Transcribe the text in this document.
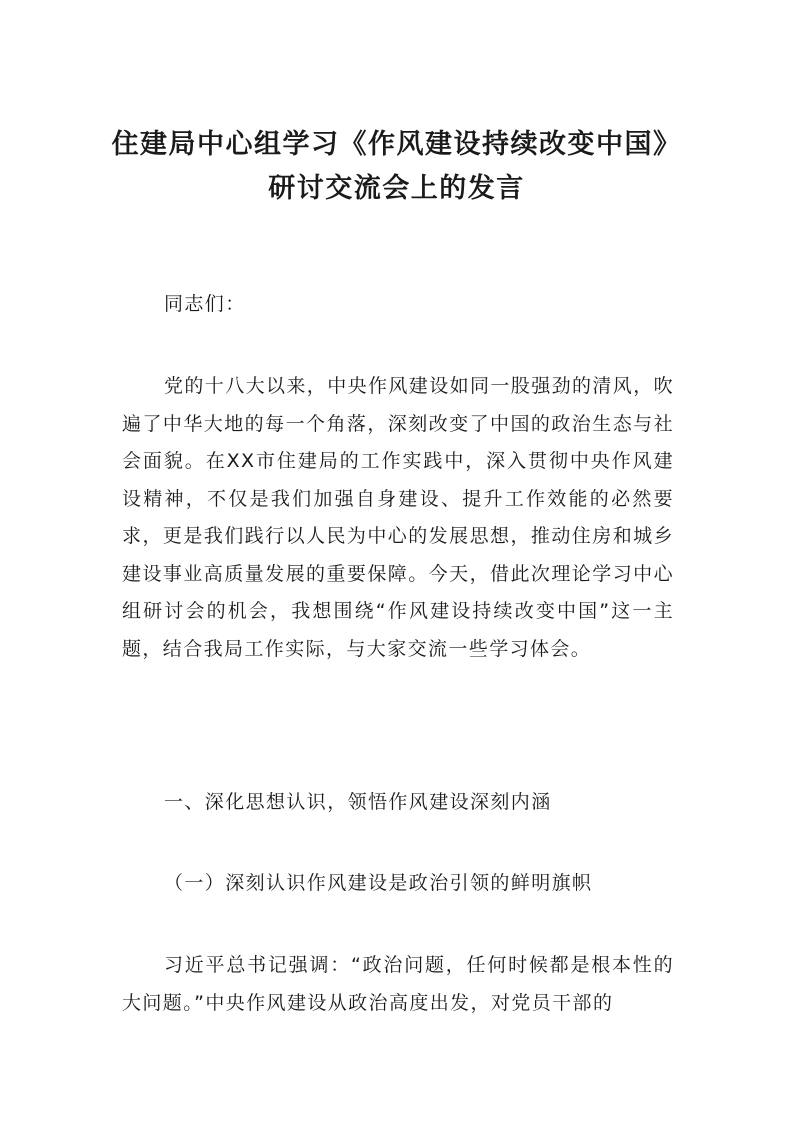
住建局中心组学习《作风建设持续改变中国》
研讨交流会上的发言
同志们：
党的十八大以来，中央作风建设如同一股强劲的清风，吹遍了中华大地的每一个角落，深刻改变了中国的政治生态与社会面貌。在XX市住建局的工作实践中，深入贯彻中央作风建设精神，不仅是我们加强自身建设、提升工作效能的必然要求，更是我们践行以人民为中心的发展思想，推动住房和城乡建设事业高质量发展的重要保障。今天，借此次理论学习中心组研讨会的机会，我想围绕“作风建设持续改变中国”这一主题，结合我局工作实际，与大家交流一些学习体会。
一、深化思想认识，领悟作风建设深刻内涵
（一）深刻认识作风建设是政治引领的鲜明旗帜
习近平总书记强调：“政治问题，任何时候都是根本性的大问题。”中央作风建设从政治高度出发，对党员干部的
